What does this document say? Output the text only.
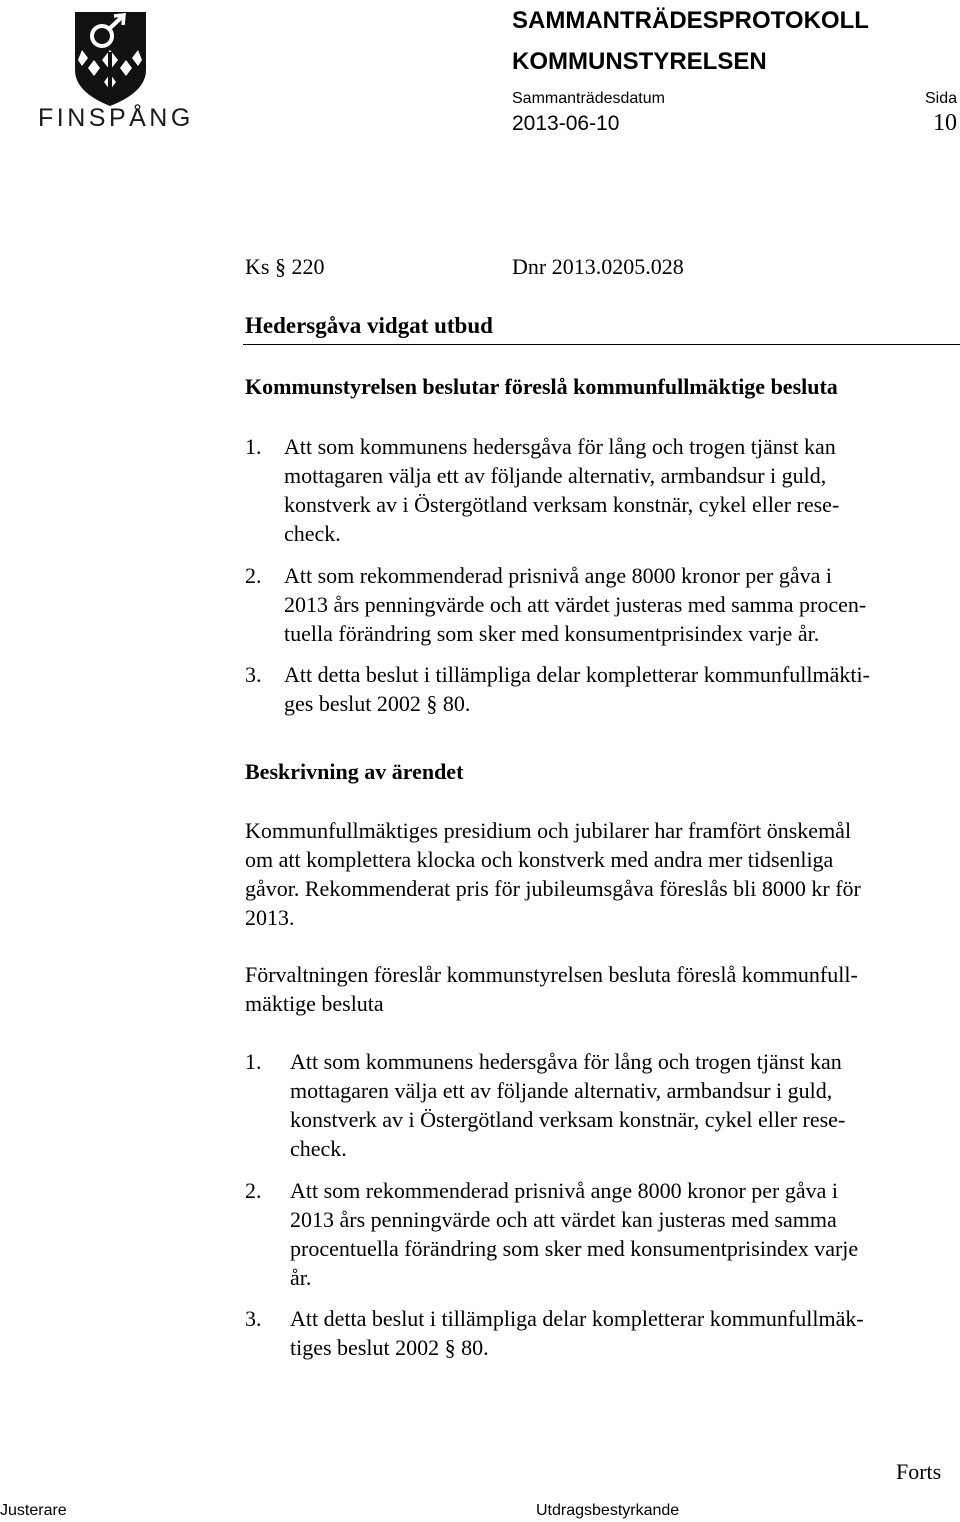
FINSPÅNG
SAMMANTRÄDESPROTOKOLL
KOMMUNSTYRELSEN
Sammanträdesdatum	Sida
2013-06-10	10
Ks § 220	Dnr 2013.0205.028
Hedersgåva vidgat utbud
Kommunstyrelsen beslutar föreslå kommunfullmäktige besluta
1. Att som kommunens hedersgåva för lång och trogen tjänst kan
mottagaren välja ett av följande alternativ, armbandsur i guld,
konstverk av i Östergötland verksam konstnär, cykel eller rese-
check.
2. Att som rekommenderad prisnivå ange 8000 kronor per gåva i
2013 års penningvärde och att värdet justeras med samma procen-
tuella förändring som sker med konsumentprisindex varje år.
3. Att detta beslut i tillämpliga delar kompletterar kommunfullmäkti-
ges beslut 2002 § 80.
Beskrivning av ärendet
Kommunfullmäktiges presidium och jubilarer har framfört önskemål
om att komplettera klocka och konstverk med andra mer tidsenliga
gåvor. Rekommenderat pris för jubileumsgåva föreslås bli 8000 kr för
2013.
Förvaltningen föreslår kommunstyrelsen besluta föreslå kommunfull-
mäktige besluta
1. Att som kommunens hedersgåva för lång och trogen tjänst kan
mottagaren välja ett av följande alternativ, armbandsur i guld,
konstverk av i Östergötland verksam konstnär, cykel eller rese-
check.
2. Att som rekommenderad prisnivå ange 8000 kronor per gåva i
2013 års penningvärde och att värdet kan justeras med samma
procentuella förändring som sker med konsumentprisindex varje
år.
3. Att detta beslut i tillämpliga delar kompletterar kommunfullmäk-
tiges beslut 2002 § 80.
Forts
Justerare	Utdragsbestyrkande
